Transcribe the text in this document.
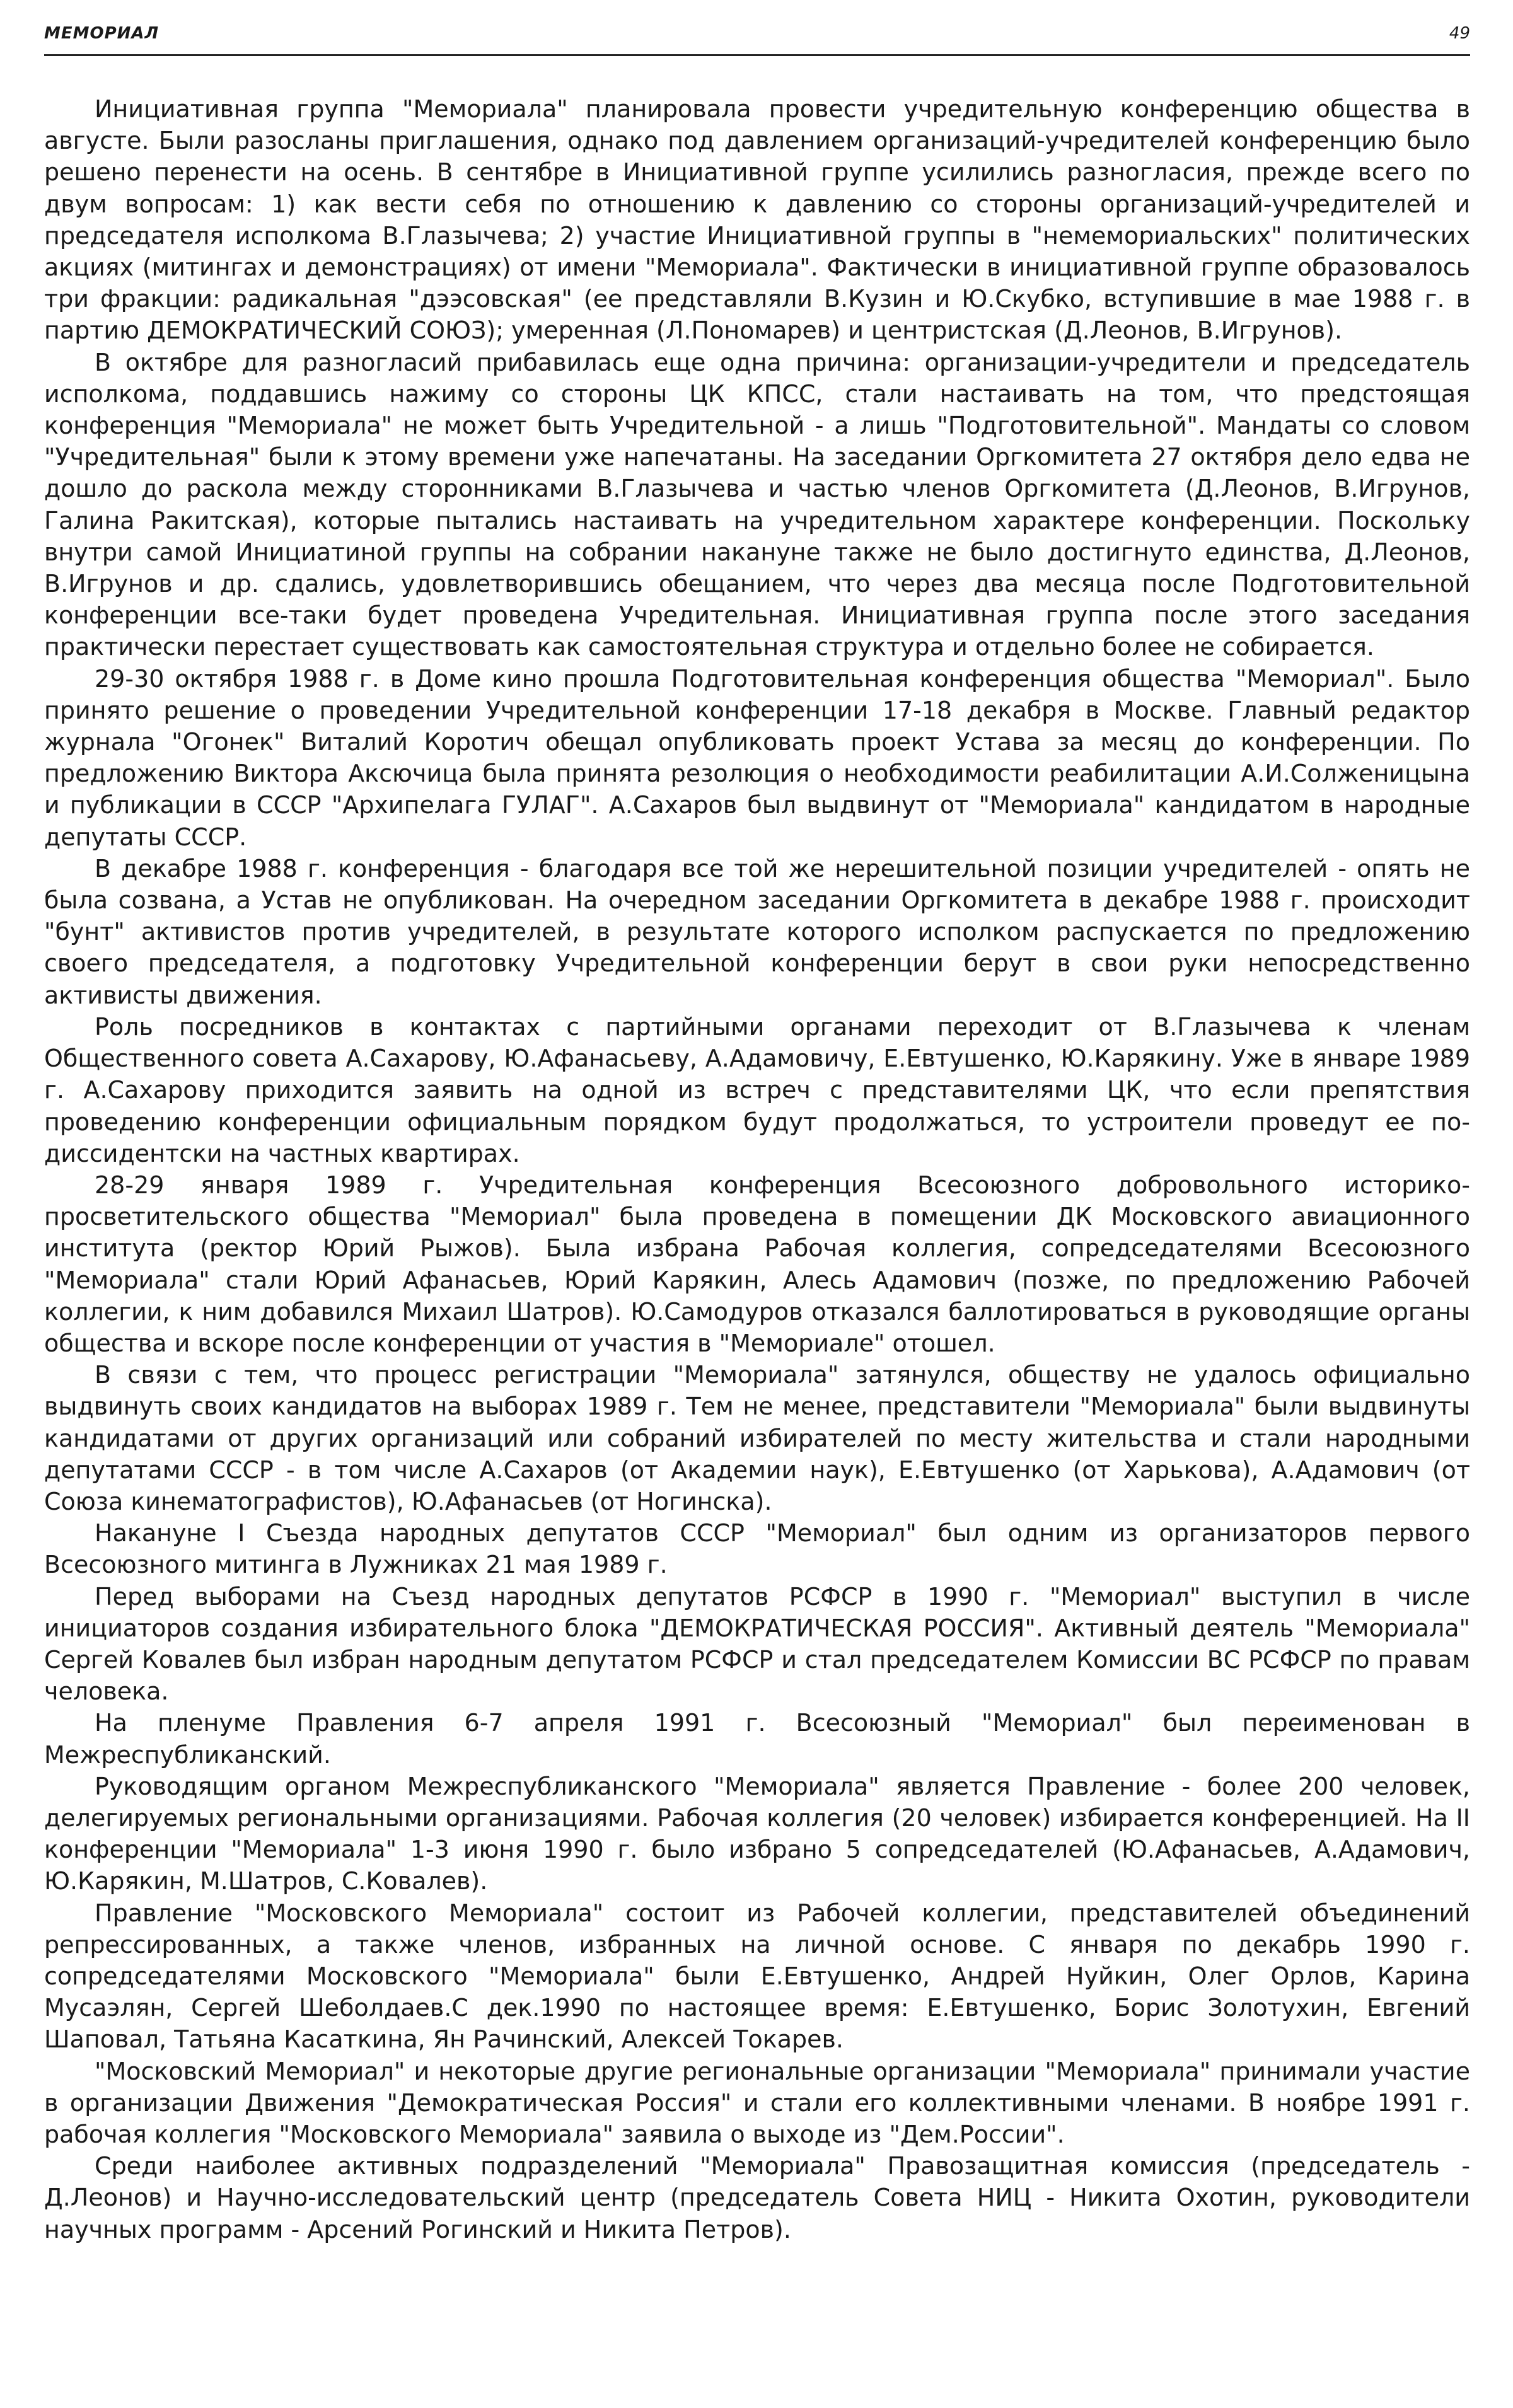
МЕМОРИАЛ	49

Инициативная группа "Мемориала" планировала провести учредительную конференцию общества в августе. Были разосланы приглашения, однако под давлением организаций-учредителей конференцию было решено перенести на осень. В сентябре в Инициативной группе усилились разногласия, прежде всего по двум вопросам: 1) как вести себя по отношению к давлению со стороны организаций-учредителей и председателя исполкома В.Глазычева; 2) участие Инициативной группы в "немемориальских" политических акциях (митингах и демонстрациях) от имени "Мемориала". Фактически в инициативной группе образовалось три фракции: радикальная "дээсовская" (ее представляли В.Кузин и Ю.Скубко, вступившие в мае 1988 г. в партию ДЕМОКРАТИЧЕСКИЙ СОЮЗ); умеренная (Л.Пономарев) и центристская (Д.Леонов, В.Игрунов).

В октябре для разногласий прибавилась еще одна причина: организации-учредители и председатель исполкома, поддавшись нажиму со стороны ЦК КПСС, стали настаивать на том, что предстоящая конференция "Мемориала" не может быть Учредительной - а лишь "Подготовительной". Мандаты со словом "Учредительная" были к этому времени уже напечатаны. На заседании Оргкомитета 27 октября дело едва не дошло до раскола между сторонниками В.Глазычева и частью членов Оргкомитета (Д.Леонов, В.Игрунов, Галина Ракитская), которые пытались настаивать на учредительном характере конференции. Поскольку внутри самой Инициатиной группы на собрании накануне также не было достигнуто единства, Д.Леонов, В.Игрунов и др. сдались, удовлетворившись обещанием, что через два месяца после Подготовительной конференции все-таки будет проведена Учредительная. Инициативная группа после этого заседания практически перестает существовать как самостоятельная структура и отдельно более не собирается.

29-30 октября 1988 г. в Доме кино прошла Подготовительная конференция общества "Мемориал". Было принято решение о проведении Учредительной конференции 17-18 декабря в Москве. Главный редактор журнала "Огонек" Виталий Коротич обещал опубликовать проект Устава за месяц до конференции. По предложению Виктора Аксючица была принята резолюция о необходимости реабилитации А.И.Солженицына и публикации в СССР "Архипелага ГУЛАГ". А.Сахаров был выдвинут от "Мемориала" кандидатом в народные депутаты СССР.

В декабре 1988 г. конференция - благодаря все той же нерешительной позиции учредителей - опять не была созвана, а Устав не опубликован. На очередном заседании Оргкомитета в декабре 1988 г. происходит "бунт" активистов против учредителей, в результате которого исполком распускается по предложению своего председателя, а подготовку Учредительной конференции берут в свои руки непосредственно активисты движения.

Роль посредников в контактах с партийными органами переходит от В.Глазычева к членам Общественного совета А.Сахарову, Ю.Афанасьеву, А.Адамовичу, Е.Евтушенко, Ю.Карякину. Уже в январе 1989 г. А.Сахарову приходится заявить на одной из встреч с представителями ЦК, что если препятствия проведению конференции официальным порядком будут продолжаться, то устроители проведут ее по-диссидентски на частных квартирах.

28-29 января 1989 г. Учредительная конференция Всесоюзного добровольного историко-просветительского общества "Мемориал" была проведена в помещении ДК Московского авиационного института (ректор Юрий Рыжов). Была избрана Рабочая коллегия, сопредседателями Всесоюзного "Мемориала" стали Юрий Афанасьев, Юрий Карякин, Алесь Адамович (позже, по предложению Рабочей коллегии, к ним добавился Михаил Шатров). Ю.Самодуров отказался баллотироваться в руководящие органы общества и вскоре после конференции от участия в "Мемориале" отошел.

В связи с тем, что процесс регистрации "Мемориала" затянулся, обществу не удалось официально выдвинуть своих кандидатов на выборах 1989 г. Тем не менее, представители "Мемориала" были выдвинуты кандидатами от других организаций или собраний избирателей по месту жительства и стали народными депутатами СССР - в том числе А.Сахаров (от Академии наук), Е.Евтушенко (от Харькова), А.Адамович (от Союза кинематографистов), Ю.Афанасьев (от Ногинска).

Накануне I Съезда народных депутатов СССР "Мемориал" был одним из организаторов первого Всесоюзного митинга в Лужниках 21 мая 1989 г.

Перед выборами на Съезд народных депутатов РСФСР в 1990 г. "Мемориал" выступил в числе инициаторов создания избирательного блока "ДЕМОКРАТИЧЕСКАЯ РОССИЯ". Активный деятель "Мемориала" Сергей Ковалев был избран народным депутатом РСФСР и стал председателем Комиссии ВС РСФСР по правам человека.

На пленуме Правления 6-7 апреля 1991 г. Всесоюзный "Мемориал" был переименован в Межреспубликанский.

Руководящим органом Межреспубликанского "Мемориала" является Правление - более 200 человек, делегируемых региональными организациями. Рабочая коллегия (20 человек) избирается конференцией. На II конференции "Мемориала" 1-3 июня 1990 г. было избрано 5 сопредседателей (Ю.Афанасьев, А.Адамович, Ю.Карякин, М.Шатров, С.Ковалев).

Правление "Московского Мемориала" состоит из Рабочей коллегии, представителей объединений репрессированных, а также членов, избранных на личной основе. С января по декабрь 1990 г. сопредседателями Московского "Мемориала" были Е.Евтушенко, Андрей Нуйкин, Олег Орлов, Карина Мусаэлян, Сергей Шеболдаев.С дек.1990 по настоящее время: Е.Евтушенко, Борис Золотухин, Евгений Шаповал, Татьяна Касаткина, Ян Рачинский, Алексей Токарев.

"Московский Мемориал" и некоторые другие региональные организации "Мемориала" принимали участие в организации Движения "Демократическая Россия" и стали его коллективными членами. В ноябре 1991 г. рабочая коллегия "Московского Мемориала" заявила о выходе из "Дем.России".

Среди наиболее активных подразделений "Мемориала" Правозащитная комиссия (председатель - Д.Леонов) и Научно-исследовательский центр (председатель Совета НИЦ - Никита Охотин, руководители научных программ - Арсений Рогинский и Никита Петров).
